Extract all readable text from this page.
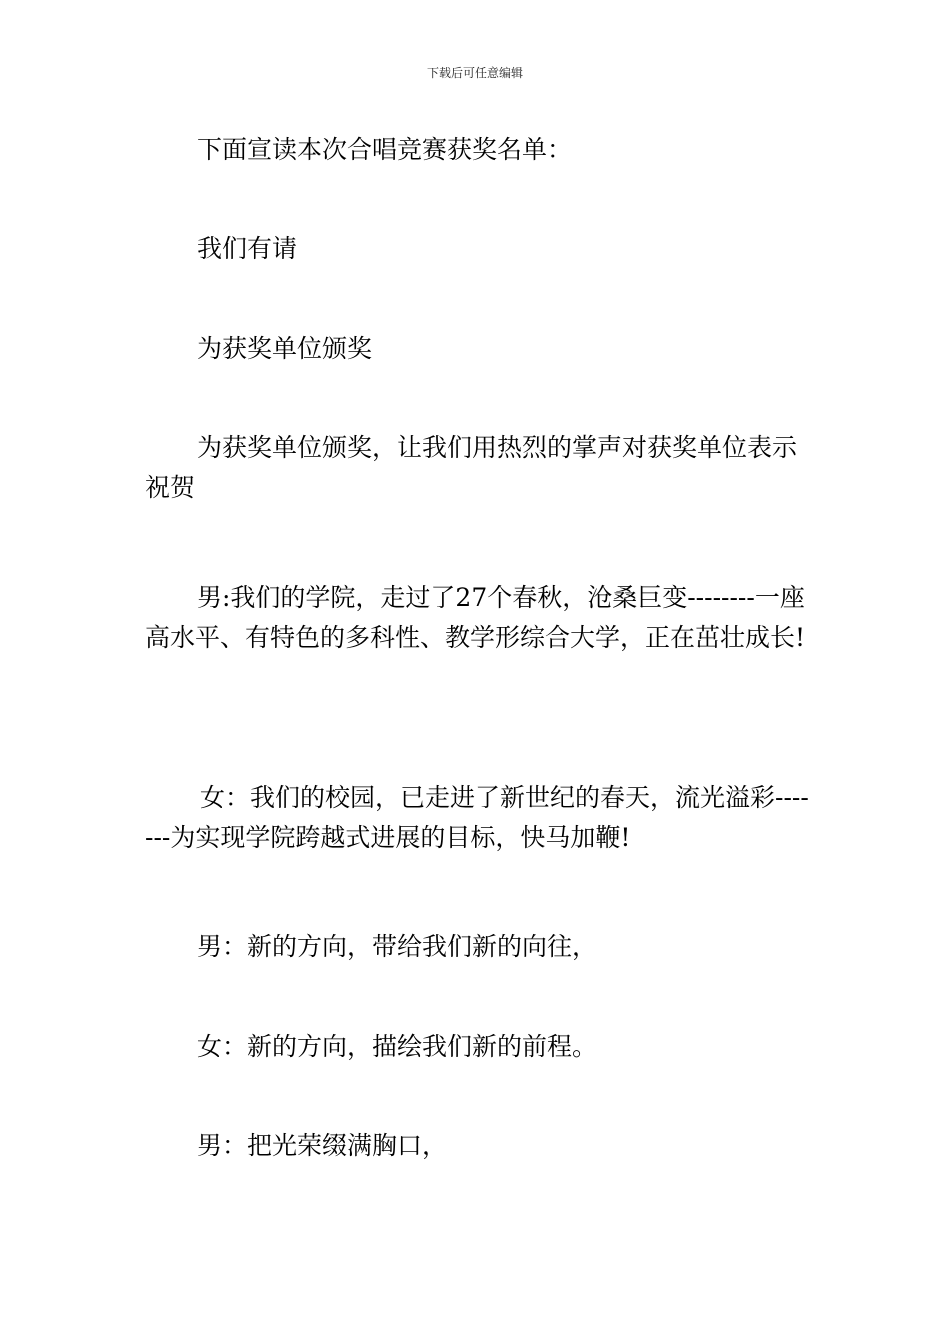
下载后可任意编辑

下面宣读本次合唱竞赛获奖名单：

我们有请

为获奖单位颁奖

为获奖单位颁奖，让我们用热烈的掌声对获奖单位表示祝贺

男:我们的学院，走过了27个春秋，沧桑巨变--------一座高水平、有特色的多科性、教学形综合大学，正在茁壮成长!

女：我们的校园，已走进了新世纪的春天，流光溢彩-------为实现学院跨越式进展的目标，快马加鞭!

男：新的方向，带给我们新的向往，

女：新的方向，描绘我们新的前程。

男：把光荣缀满胸口，
